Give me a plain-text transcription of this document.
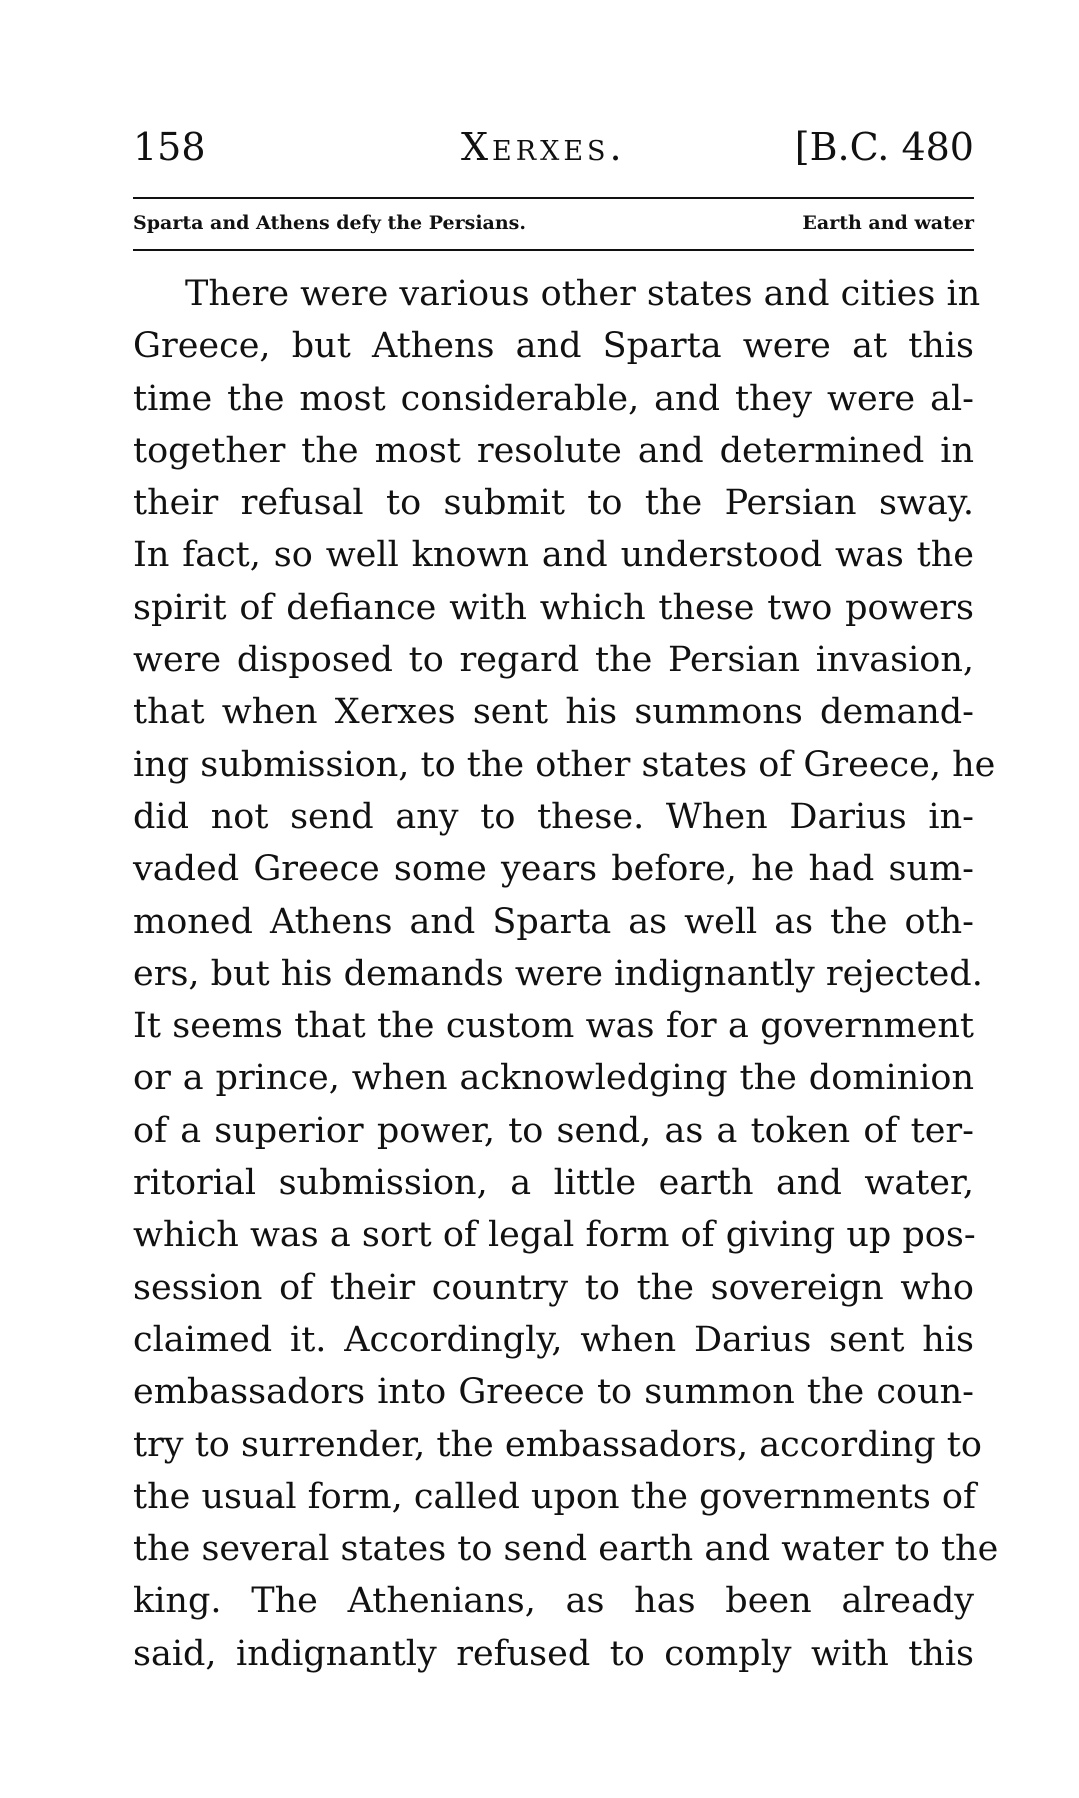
158	Xerxes.	[B.C. 480
Sparta and Athens defy the Persians.	Earth and water
There were various other states and cities in
Greece, but Athens and Sparta were at this
time the most considerable, and they were al-
together the most resolute and determined in
their refusal to submit to the Persian sway.
In fact, so well known and understood was the
spirit of defiance with which these two powers
were disposed to regard the Persian invasion,
that when Xerxes sent his summons demand-
ing submission, to the other states of Greece, he
did not send any to these. When Darius in-
vaded Greece some years before, he had sum-
moned Athens and Sparta as well as the oth-
ers, but his demands were indignantly rejected.
It seems that the custom was for a government
or a prince, when acknowledging the dominion
of a superior power, to send, as a token of ter-
ritorial submission, a little earth and water,
which was a sort of legal form of giving up pos-
session of their country to the sovereign who
claimed it. Accordingly, when Darius sent his
embassadors into Greece to summon the coun-
try to surrender, the embassadors, according to
the usual form, called upon the governments of
the several states to send earth and water to the
king. The Athenians, as has been already
said, indignantly refused to comply with this
